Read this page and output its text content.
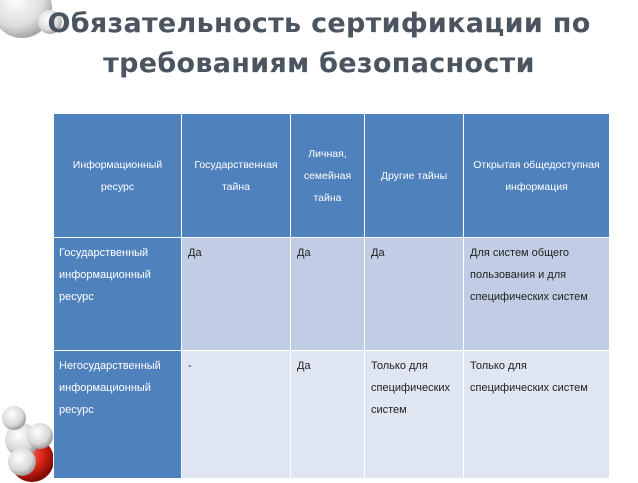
Обязательность сертификации по
требованиям безопасности
Информационный ресурс	Государственная тайна	Личная, семейная тайна	Другие тайны	Открытая общедоступная информация

Государственный информационный ресурс	Да	Да	Да	Для систем общего пользования и для специфических систем
Негосударственный информационный ресурс	-	Да	Только для специфических систем	Только для специфических систем
